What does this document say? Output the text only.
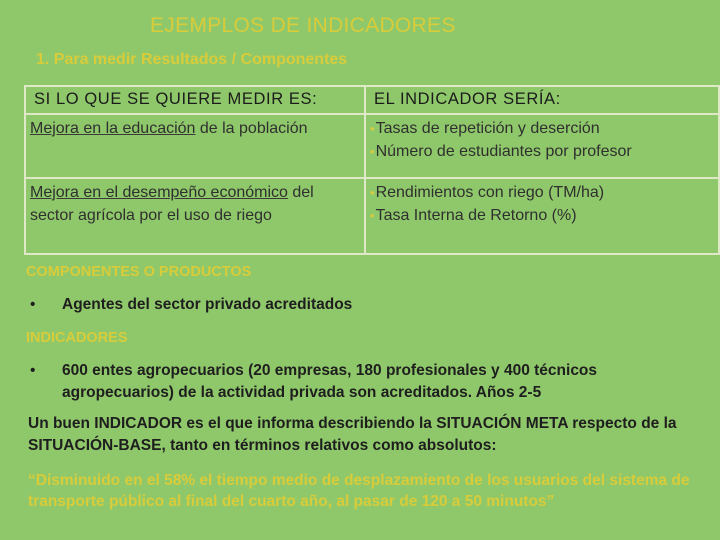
EJEMPLOS DE INDICADORES
1. Para medir Resultados / Componentes
SI LO QUE SE QUIERE MEDIR ES:	EL INDICADOR SERÍA:
Mejora en la educación de la población	•Tasas de repetición y deserción
•Número de estudiantes por profesor

Mejora en el desempeño económico del sector agrícola por el uso de riego	•Rendimientos con riego (TM/ha)
•Tasa Interna de Retorno (%)
COMPONENTES O PRODUCTOS
• Agentes del sector privado acreditados
INDICADORES
• 600 entes agropecuarios (20 empresas, 180 profesionales y 400 técnicos agropecuarios) de la actividad privada son acreditados. Años 2-5
Un buen INDICADOR es el que informa describiendo la SITUACIÓN META respecto de la SITUACIÓN-BASE, tanto en términos relativos como absolutos:
“Disminuido en el 58% el tiempo medio de desplazamiento de los usuarios del sistema de transporte público al final del cuarto año, al pasar de 120 a 50 minutos”
